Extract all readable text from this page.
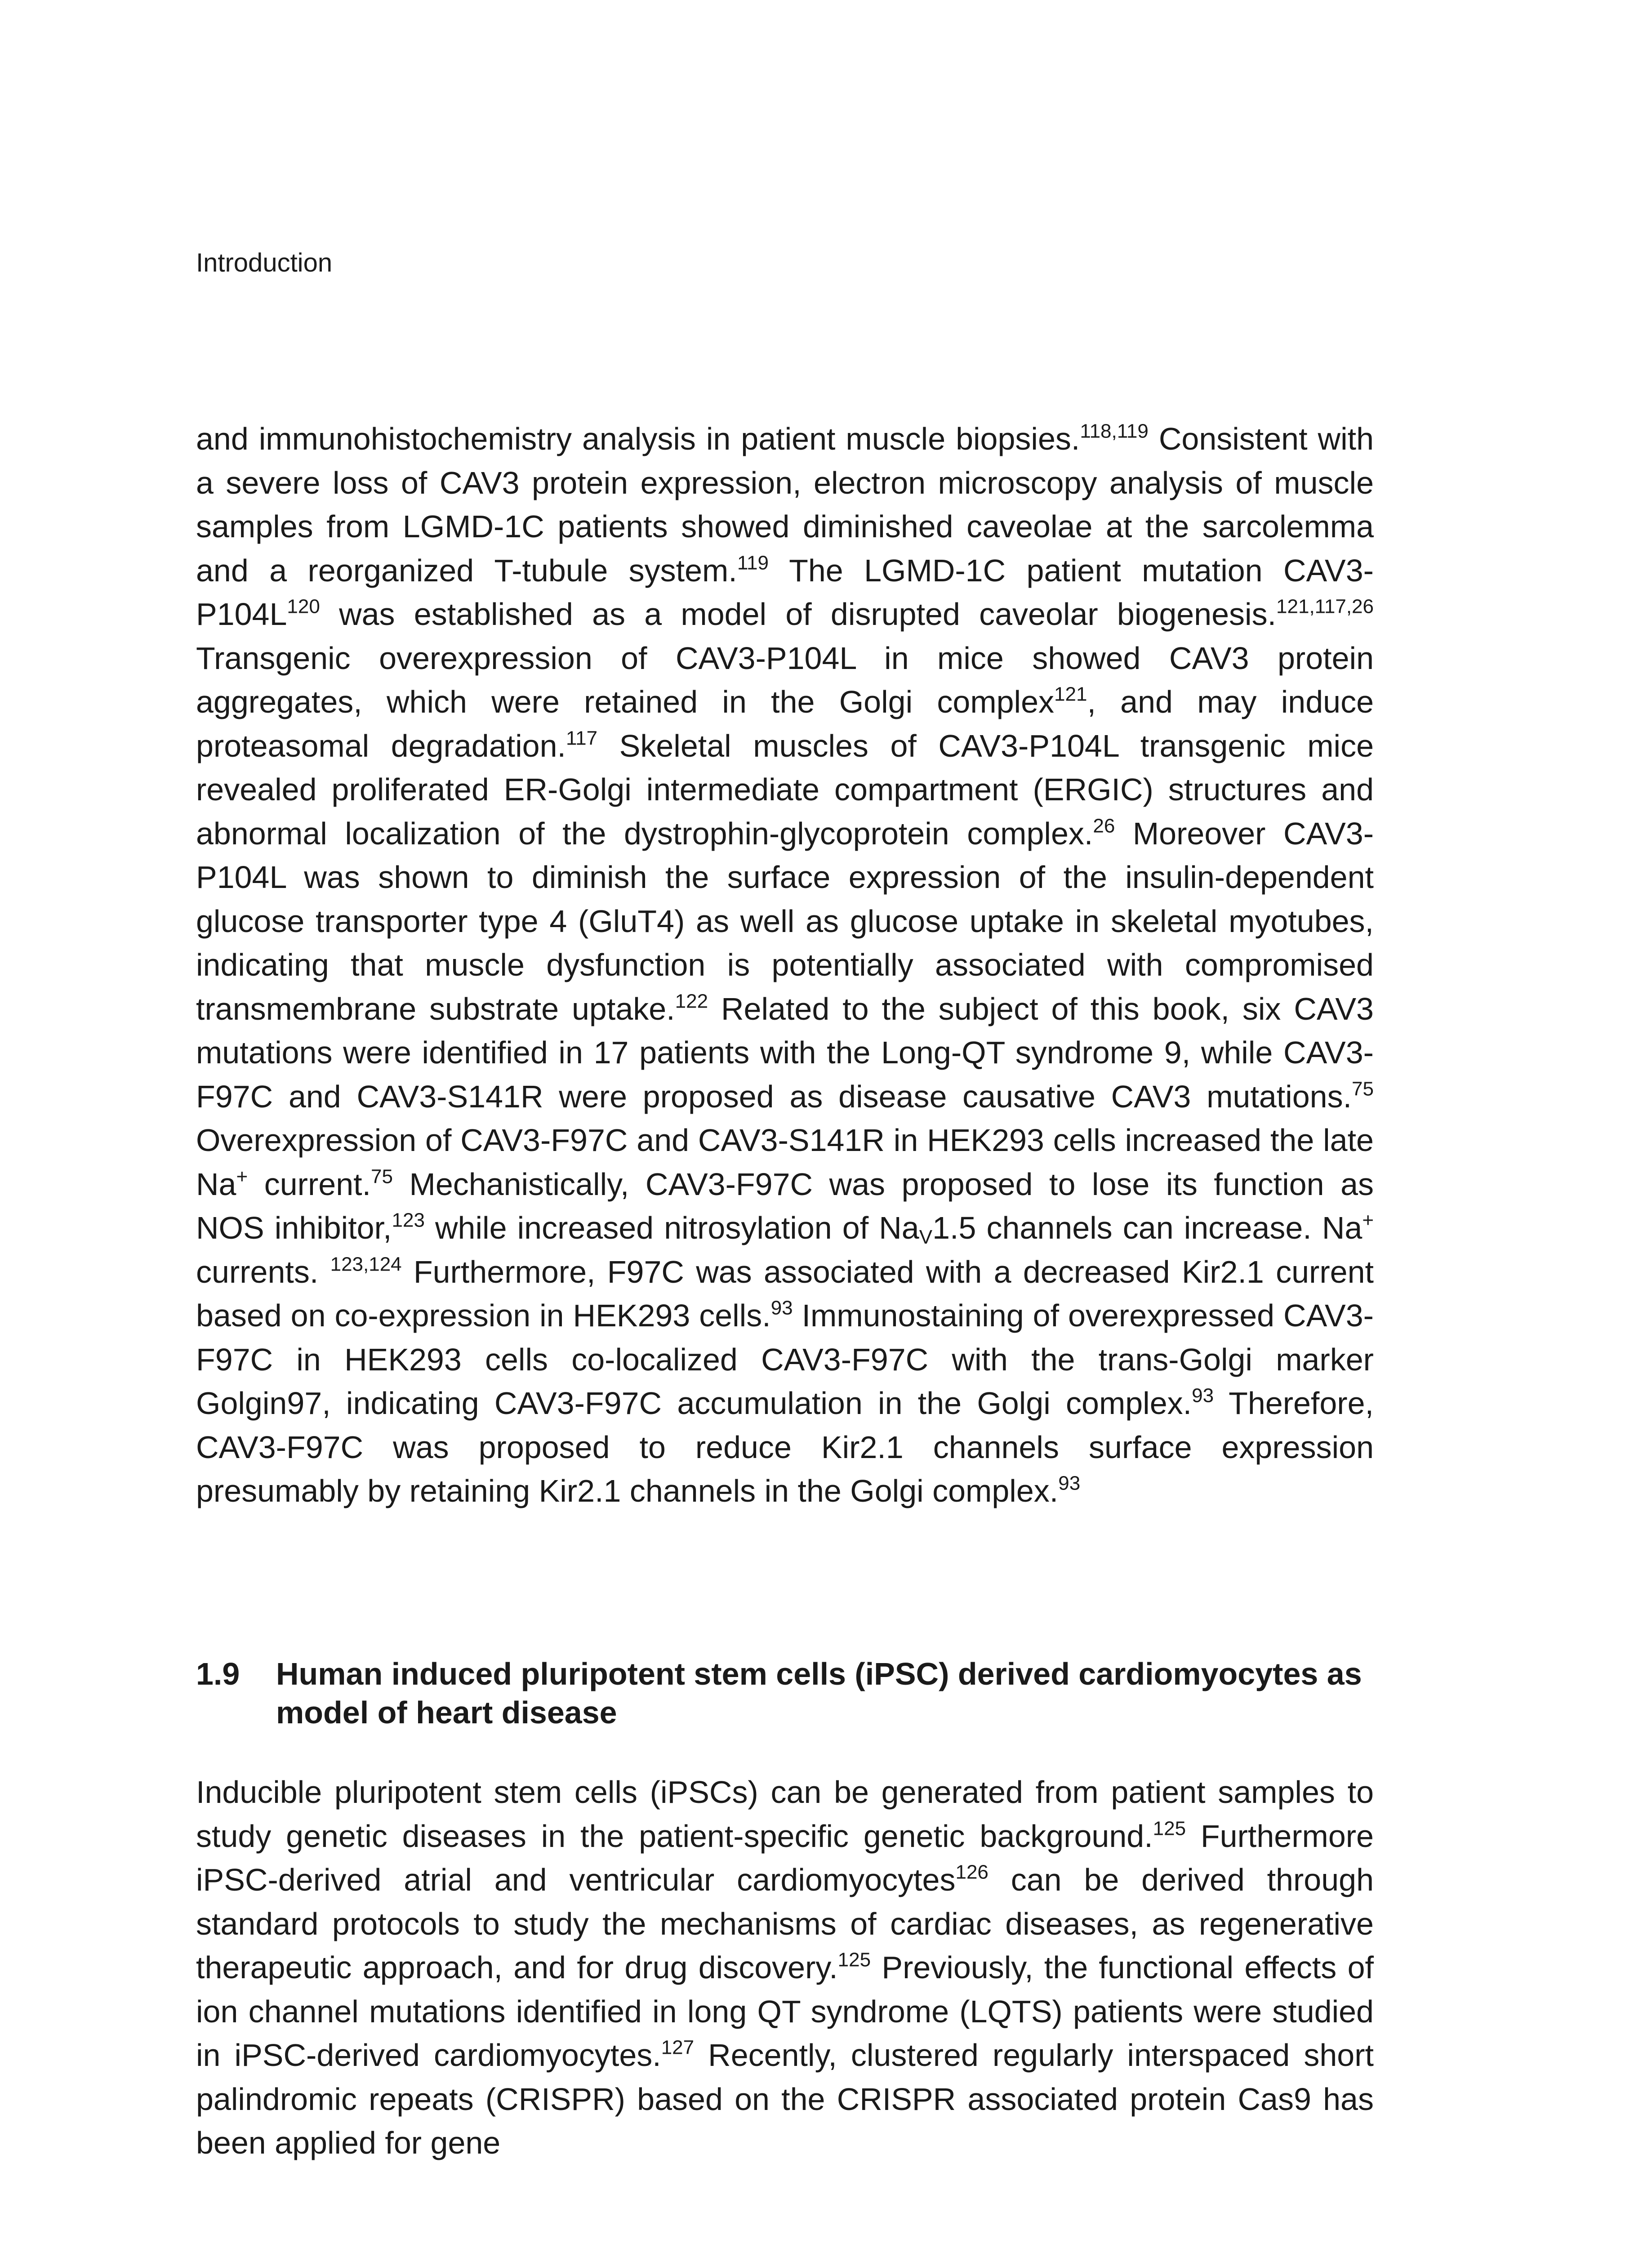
Introduction

and immunohistochemistry analysis in patient muscle biopsies.$^{118,119}$ Consistent with a severe loss of CAV3 protein expression, electron microscopy analysis of muscle samples from LGMD-1C patients showed diminished caveolae at the sarcolemma and a reorganized T-tubule system.$^{119}$ The LGMD-1C patient mutation $CAV3-P104L^{120}$ was established as a model of disrupted caveolar biogenesis.$^{121,117,26}$ Transgenic overexpression of CAV3-P104L in mice showed CAV3 protein aggregates, which were retained in the Golgi complex$^{121}$, and may induce proteasomal degradation.$^{117}$ Skeletal muscles of CAV3-P104L transgenic mice revealed proliferated ER-Golgi intermediate compartment (ERGIC) structures and abnormal localization of the dystrophin-glycoprotein complex.$^{26}$ Moreover CAV3-P104L was shown to diminish the surface expression of the insulin-dependent glucose transporter type 4 (GluT4) as well as glucose uptake in skeletal myotubes, indicating that muscle dysfunction is potentially associated with compromised transmembrane substrate uptake.$^{122}$ Related to the subject of this book, six CAV3 mutations were identified in 17 patients with the Long-QT syndrome 9, while CAV3-F97C and CAV3-S141R were proposed as disease causative CAV3 mutations.$^{75}$ Overexpression of CAV3-F97C and CAV3-S141R in HEK293 cells increased the late Na+ current.$^{75}$ Mechanistically, CAV3-F97C was proposed to lose its function as NOS inhibitor,$^{123}$ while increased nitrosylation of $Na_V1.5$ channels can increase. Na+ currents. $^{123,124}$ Furthermore, F97C was associated with a decreased Kir2.1 current based on co-expression in HEK293 cells.$^{93}$ Immunostaining of overexpressed CAV3-F97C in HEK293 cells co-localized CAV3-F97C with the trans-Golgi marker Golgin97, indicating CAV3-F97C accumulation in the Golgi complex.$^{93}$ Therefore, CAV3-F97C was proposed to reduce Kir2.1 channels surface expression presumably by retaining Kir2.1 channels in the Golgi complex.$^{93}$

1.9 Human induced pluripotent stem cells (iPSC) derived cardiomyocytes as model of heart disease

Inducible pluripotent stem cells (iPSCs) can be generated from patient samples to study genetic diseases in the patient-specific genetic background.$^{125}$ Furthermore iPSC-derived atrial and ventricular cardiomyocytes$^{126}$ can be derived through standard protocols to study the mechanisms of cardiac diseases, as regenerative therapeutic approach, and for drug discovery.$^{125}$ Previously, the functional effects of ion channel mutations identified in long QT syndrome (LQTS) patients were studied in iPSC-derived cardiomyocytes.$^{127}$ Recently, clustered regularly interspaced short palindromic repeats (CRISPR) based on the CRISPR associated protein Cas9 has been applied for gene
